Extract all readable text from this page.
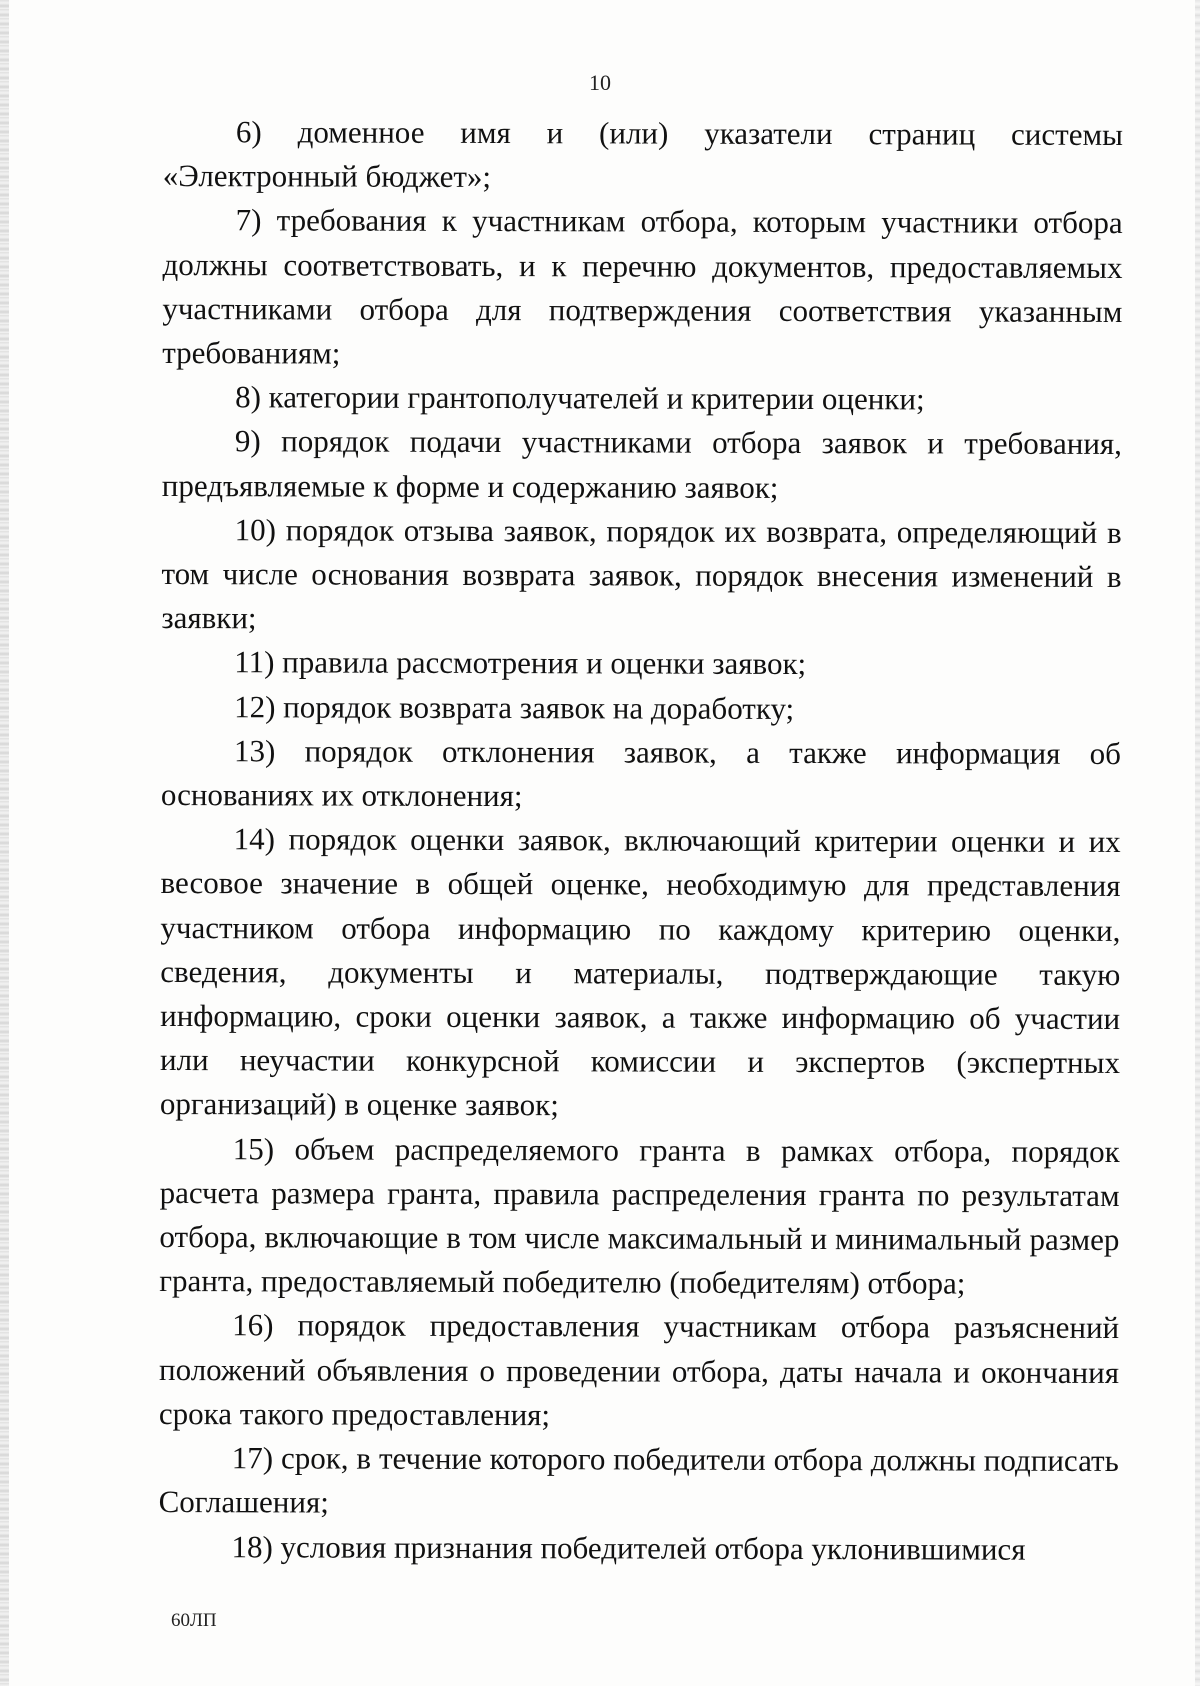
10

6) доменное имя и (или) указатели страниц системы «Электронный бюджет»;

7) требования к участникам отбора, которым участники отбора должны соответствовать, и к перечню документов, предоставляемых участниками отбора для подтверждения соответствия указанным требованиям;

8) категории грантополучателей и критерии оценки;

9) порядок подачи участниками отбора заявок и требования, предъявляемые к форме и содержанию заявок;

10) порядок отзыва заявок, порядок их возврата, определяющий в том числе основания возврата заявок, порядок внесения изменений в заявки;

11) правила рассмотрения и оценки заявок;

12) порядок возврата заявок на доработку;

13) порядок отклонения заявок, а также информация об основаниях их отклонения;

14) порядок оценки заявок, включающий критерии оценки и их весовое значение в общей оценке, необходимую для представления участником отбора информацию по каждому критерию оценки, сведения, документы и материалы, подтверждающие такую информацию, сроки оценки заявок, а также информацию об участии или неучастии конкурсной комиссии и экспертов (экспертных организаций) в оценке заявок;

15) объем распределяемого гранта в рамках отбора, порядок расчета размера гранта, правила распределения гранта по результатам отбора, включающие в том числе максимальный и минимальный размер гранта, предоставляемый победителю (победителям) отбора;

16) порядок предоставления участникам отбора разъяснений положений объявления о проведении отбора, даты начала и окончания срока такого предоставления;

17) срок, в течение которого победители отбора должны подписать Соглашения;

18) условия признания победителей отбора уклонившимися

60ЛП
